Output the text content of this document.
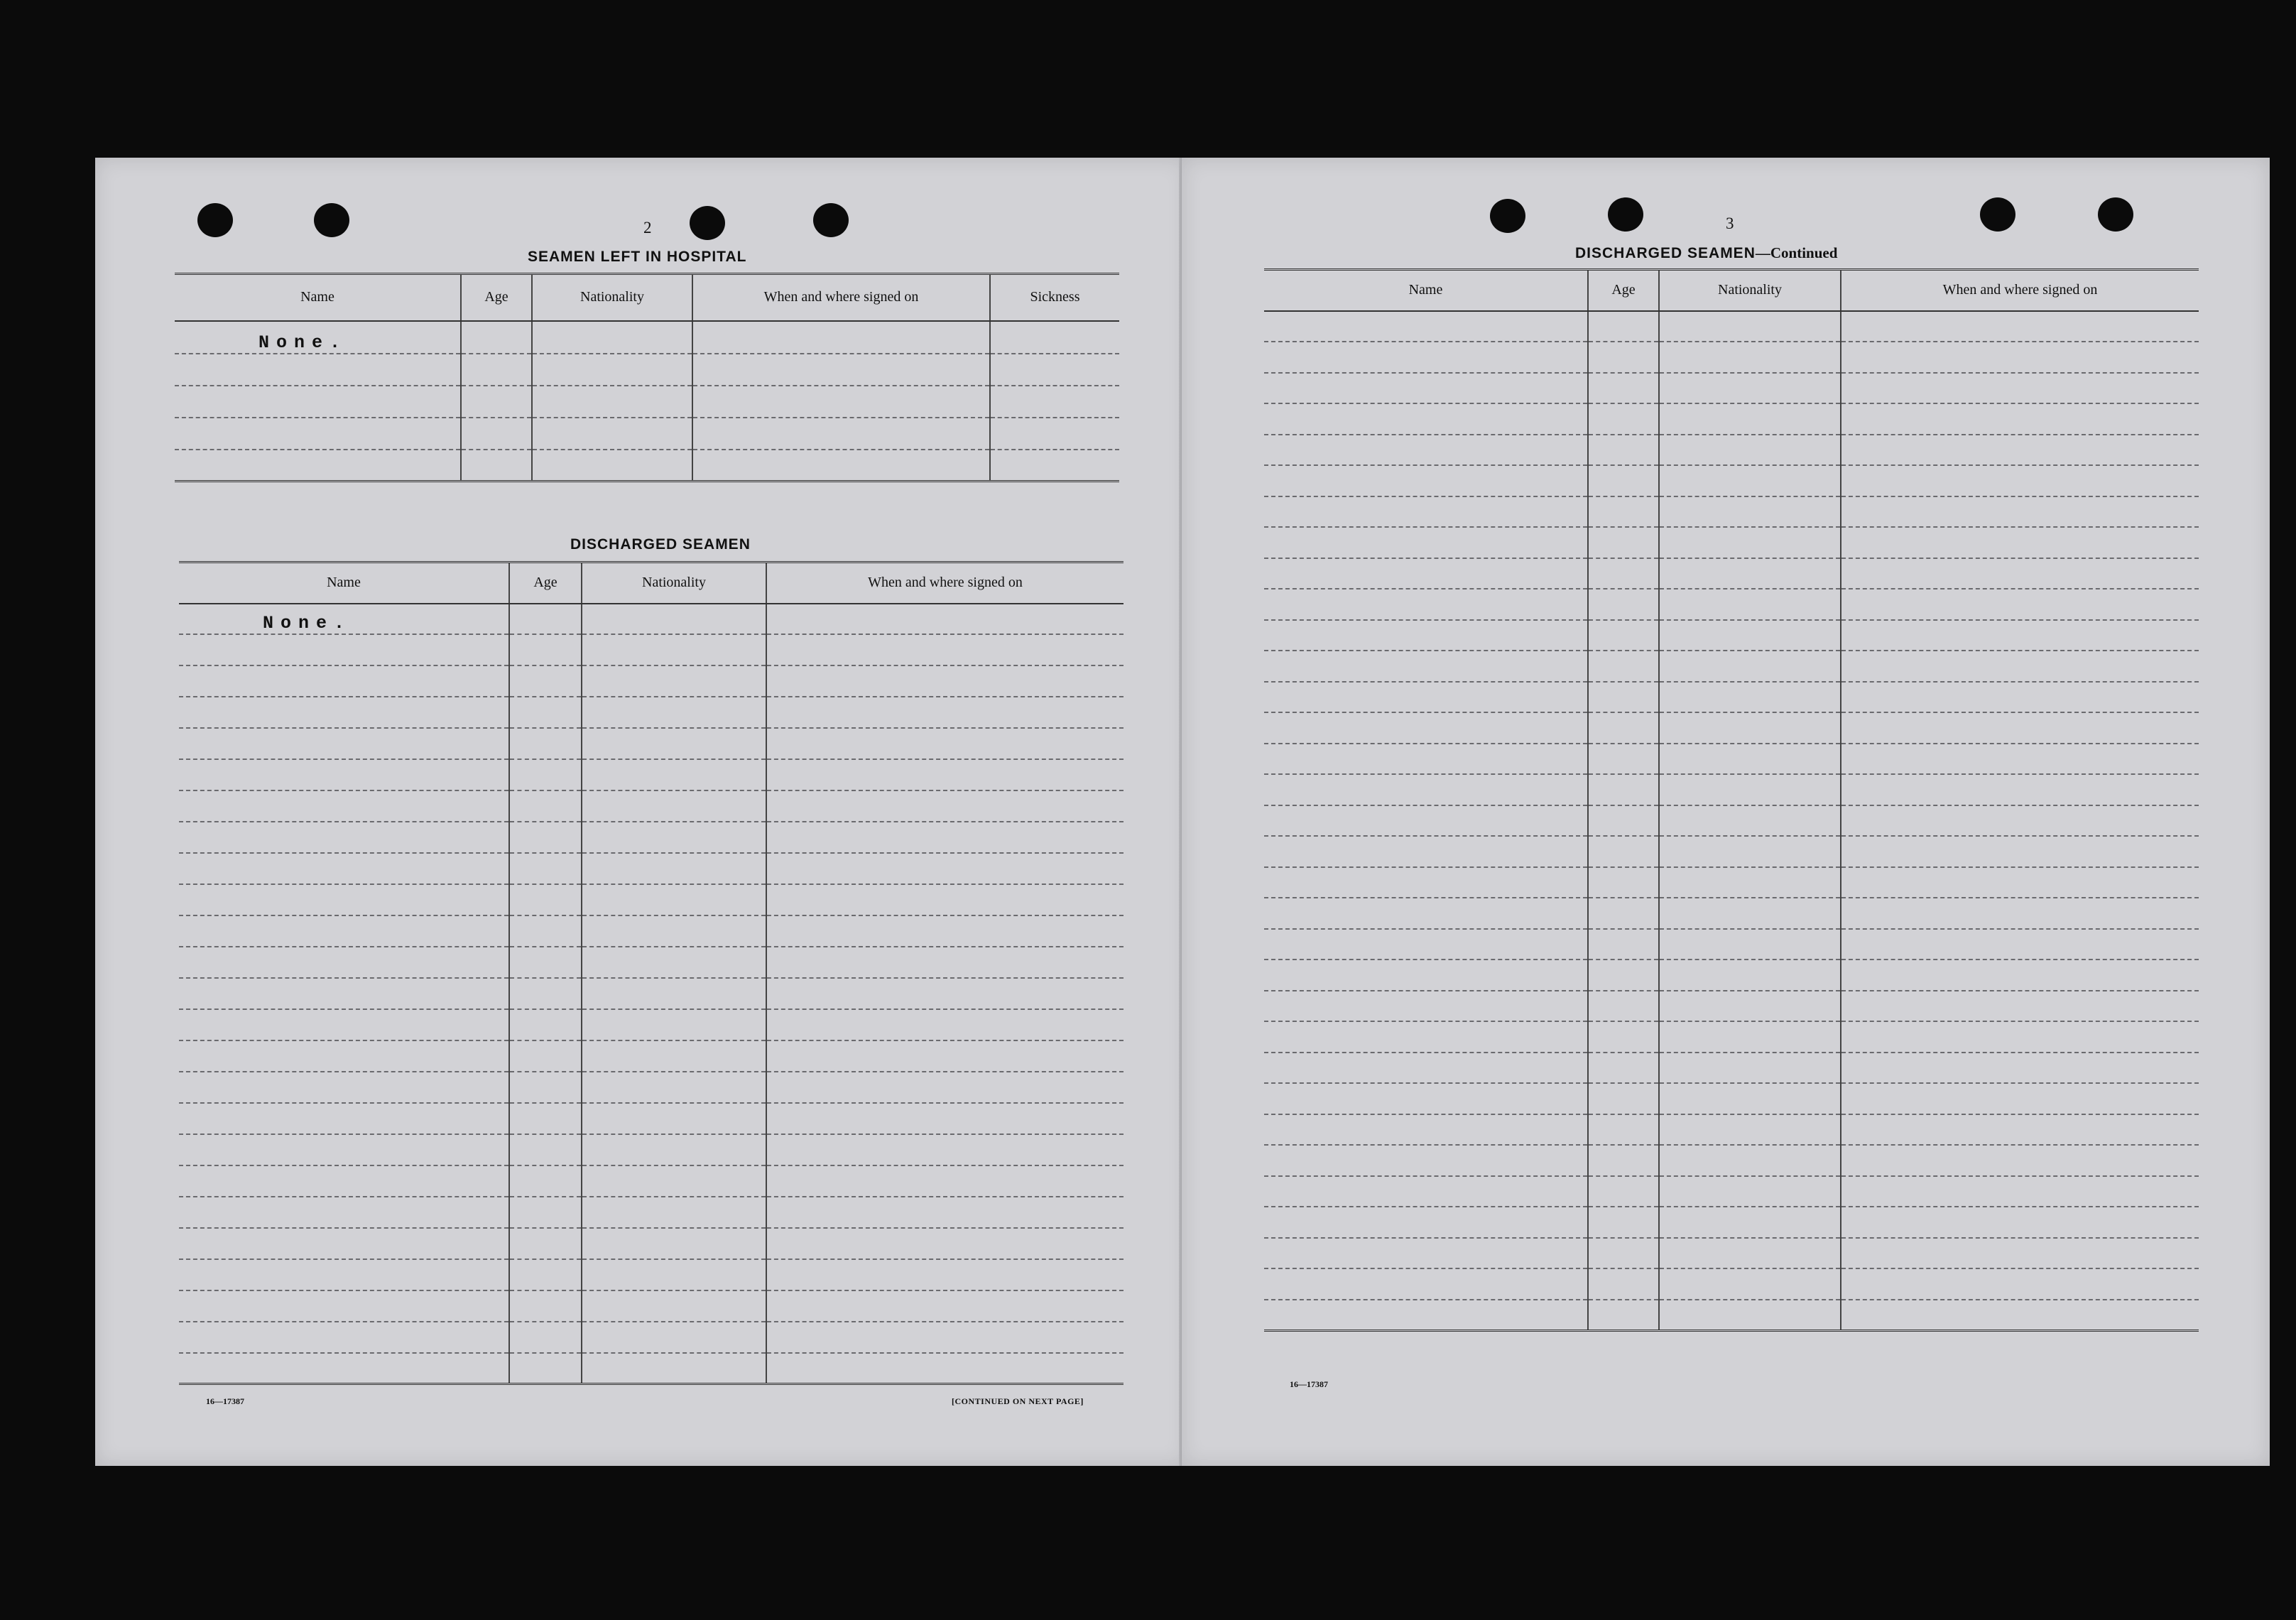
2
SEAMEN LEFT IN HOSPITAL
Name	Age	Nationality	When and where signed on	Sickness
None.				

DISCHARGED SEAMEN
Name	Age	Nationality	When and where signed on
None.			

16—17387	[CONTINUED ON NEXT PAGE]
3
DISCHARGED SEAMEN—Continued
Name	Age	Nationality	When and where signed on

16—17387
